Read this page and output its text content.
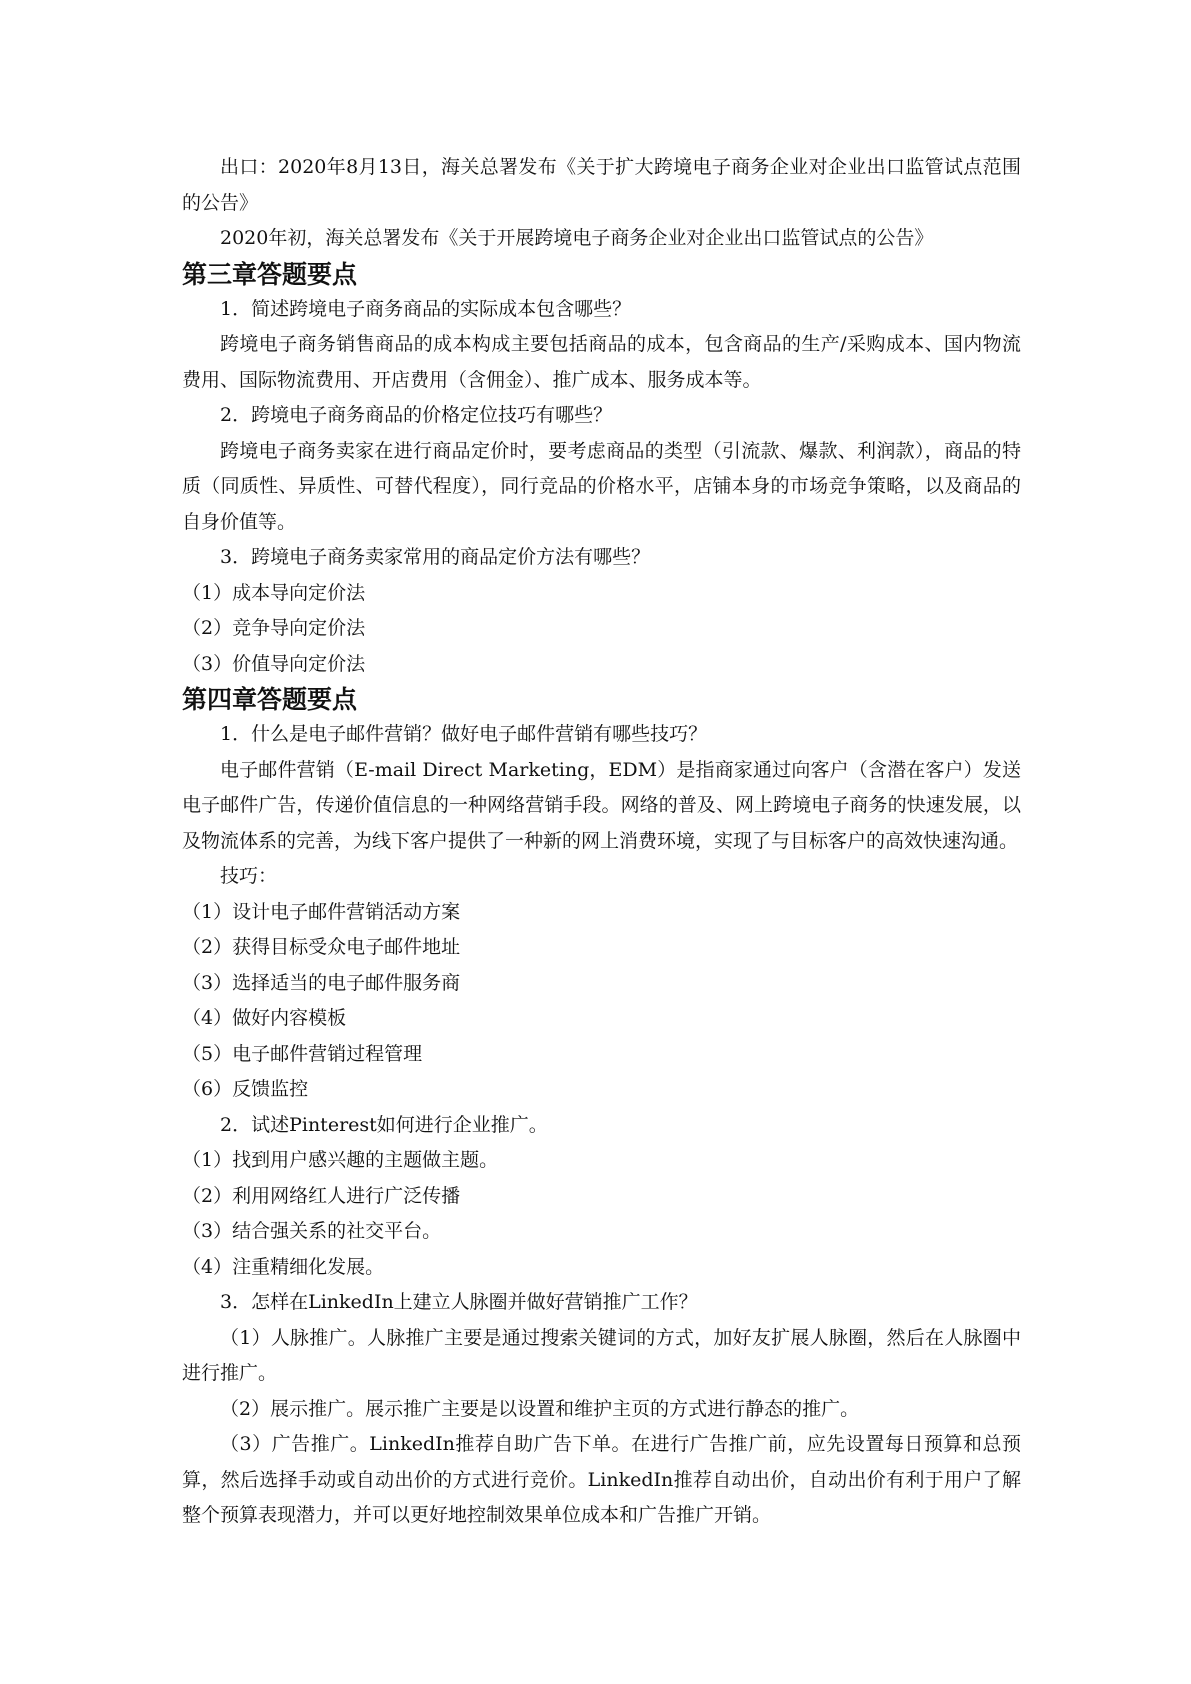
出口：2020年8月13日，海关总署发布《关于扩大跨境电子商务企业对企业出口监管试点范围的公告》

2020年初，海关总署发布《关于开展跨境电子商务企业对企业出口监管试点的公告》

第三章答题要点

1．简述跨境电子商务商品的实际成本包含哪些？

跨境电子商务销售商品的成本构成主要包括商品的成本，包含商品的生产/采购成本、国内物流费用、国际物流费用、开店费用（含佣金）、推广成本、服务成本等。

2．跨境电子商务商品的价格定位技巧有哪些？

跨境电子商务卖家在进行商品定价时，要考虑商品的类型（引流款、爆款、利润款），商品的特质（同质性、异质性、可替代程度），同行竞品的价格水平，店铺本身的市场竞争策略，以及商品的自身价值等。

3．跨境电子商务卖家常用的商品定价方法有哪些？

（1）成本导向定价法

（2）竞争导向定价法

（3）价值导向定价法

第四章答题要点

1．什么是电子邮件营销？做好电子邮件营销有哪些技巧？

电子邮件营销（E-mail Direct Marketing，EDM）是指商家通过向客户（含潜在客户）发送电子邮件广告，传递价值信息的一种网络营销手段。网络的普及、网上跨境电子商务的快速发展，以及物流体系的完善，为线下客户提供了一种新的网上消费环境，实现了与目标客户的高效快速沟通。

技巧：

（1）设计电子邮件营销活动方案

（2）获得目标受众电子邮件地址

（3）选择适当的电子邮件服务商

（4）做好内容模板

（5）电子邮件营销过程管理

（6）反馈监控

2．试述Pinterest如何进行企业推广。

（1）找到用户感兴趣的主题做主题。

（2）利用网络红人进行广泛传播

（3）结合强关系的社交平台。

（4）注重精细化发展。

3．怎样在LinkedIn上建立人脉圈并做好营销推广工作？

（1）人脉推广。人脉推广主要是通过搜索关键词的方式，加好友扩展人脉圈，然后在人脉圈中进行推广。

（2）展示推广。展示推广主要是以设置和维护主页的方式进行静态的推广。

（3）广告推广。LinkedIn推荐自助广告下单。在进行广告推广前，应先设置每日预算和总预算，然后选择手动或自动出价的方式进行竞价。LinkedIn推荐自动出价，自动出价有利于用户了解整个预算表现潜力，并可以更好地控制效果单位成本和广告推广开销。
